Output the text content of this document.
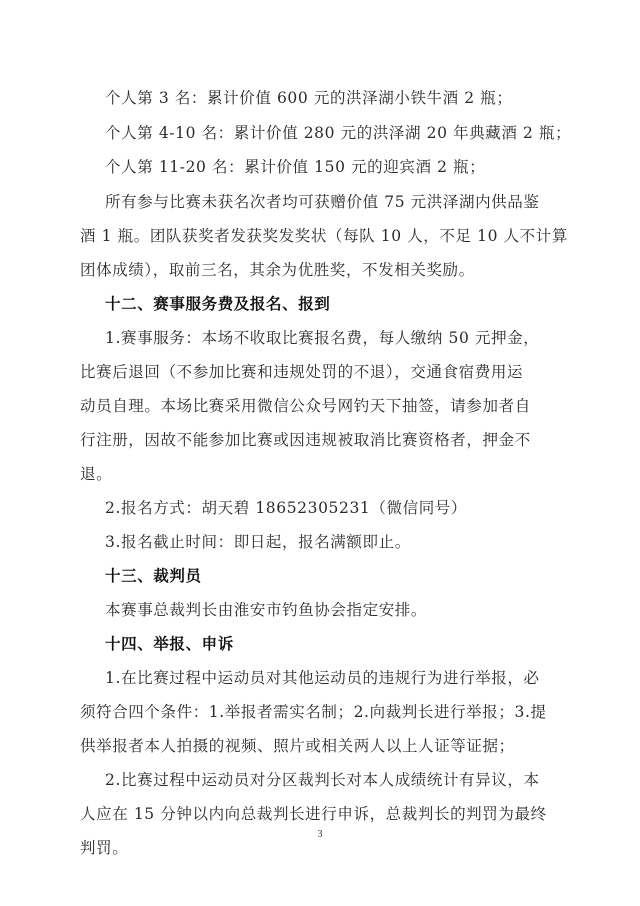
个人第 3 名：累计价值 600 元的洪泽湖小铁牛酒 2 瓶；
个人第 4-10 名：累计价值 280 元的洪泽湖 20 年典藏酒 2 瓶；
个人第 11-20 名：累计价值 150 元的迎宾酒 2 瓶；
所有参与比赛未获名次者均可获赠价值 75 元洪泽湖内供品鉴
酒 1 瓶。团队获奖者发获奖发奖状（每队 10 人，不足 10 人不计算
团体成绩），取前三名，其余为优胜奖，不发相关奖励。
十二、赛事服务费及报名、报到
1.赛事服务：本场不收取比赛报名费，每人缴纳 50 元押金，
比赛后退回（不参加比赛和违规处罚的不退），交通食宿费用运
动员自理。本场比赛采用微信公众号网钓天下抽签，请参加者自
行注册，因故不能参加比赛或因违规被取消比赛资格者，押金不
退。
2.报名方式：胡天碧 18652305231（微信同号）
3.报名截止时间：即日起，报名满额即止。
十三、裁判员
本赛事总裁判长由淮安市钓鱼协会指定安排。
十四、举报、申诉
1.在比赛过程中运动员对其他运动员的违规行为进行举报，必
须符合四个条件：1.举报者需实名制；2.向裁判长进行举报；3.提
供举报者本人拍摄的视频、照片或相关两人以上人证等证据；
2.比赛过程中运动员对分区裁判长对本人成绩统计有异议，本
人应在 15 分钟以内向总裁判长进行申诉，总裁判长的判罚为最终
判罚。
3
